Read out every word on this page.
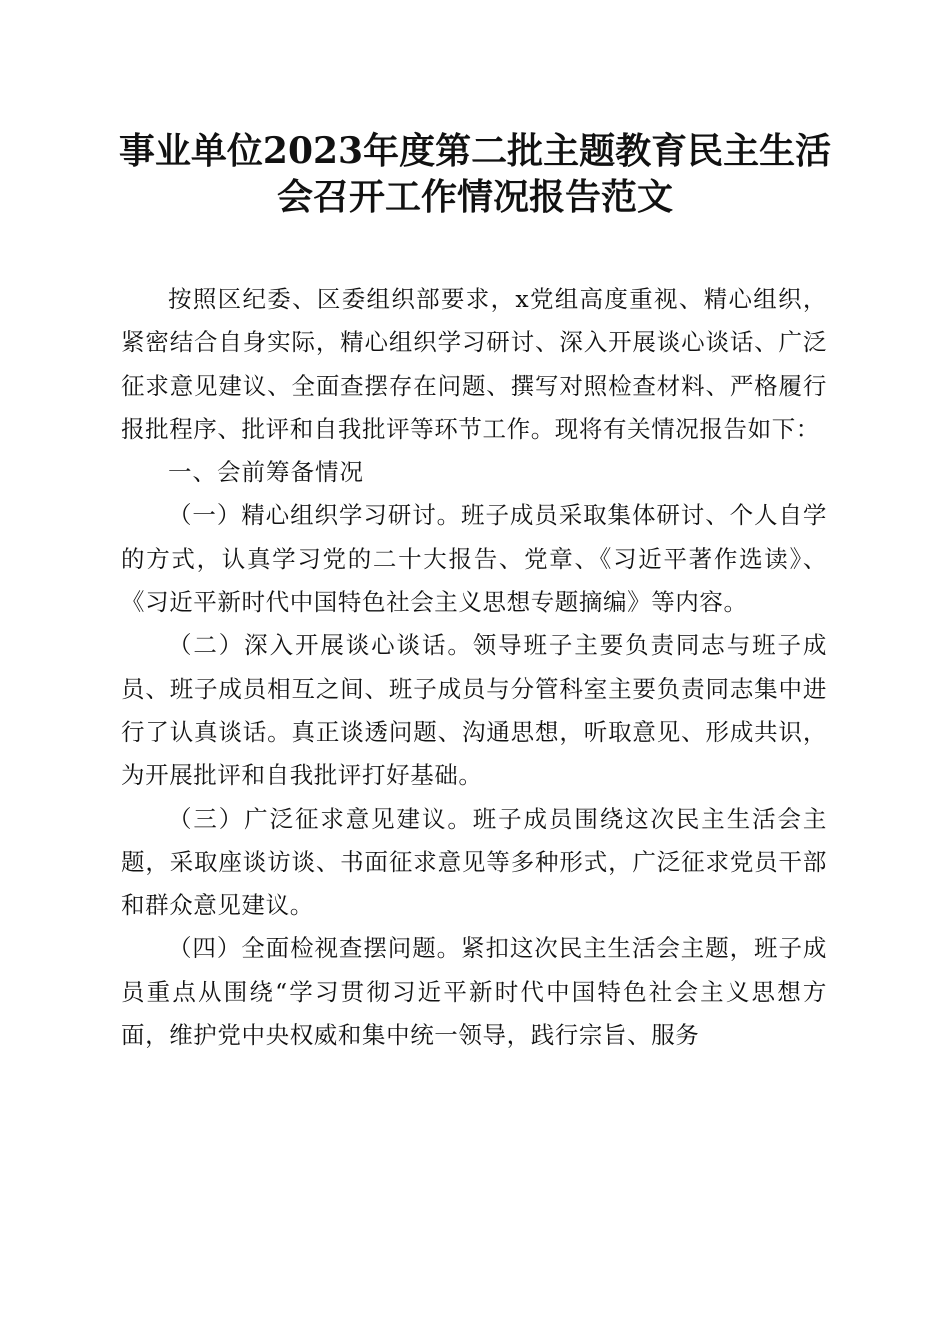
事业单位2023年度第二批主题教育民主生活
会召开工作情况报告范文

按照区纪委、区委组织部要求，x党组高度重视、精心组织，紧密结合自身实际，精心组织学习研讨、深入开展谈心谈话、广泛征求意见建议、全面查摆存在问题、撰写对照检查材料、严格履行报批程序、批评和自我批评等环节工作。现将有关情况报告如下：

一、会前筹备情况

（一）精心组织学习研讨。班子成员采取集体研讨、个人自学的方式，认真学习党的二十大报告、党章、《习近平著作选读》、《习近平新时代中国特色社会主义思想专题摘编》等内容。

（二）深入开展谈心谈话。领导班子主要负责同志与班子成员、班子成员相互之间、班子成员与分管科室主要负责同志集中进行了认真谈话。真正谈透问题、沟通思想，听取意见、形成共识，为开展批评和自我批评打好基础。

（三）广泛征求意见建议。班子成员围绕这次民主生活会主题，采取座谈访谈、书面征求意见等多种形式，广泛征求党员干部和群众意见建议。

（四）全面检视查摆问题。紧扣这次民主生活会主题，班子成员重点从围绕“学习贯彻习近平新时代中国特色社会主义思想方面，维护党中央权威和集中统一领导，践行宗旨、服务
